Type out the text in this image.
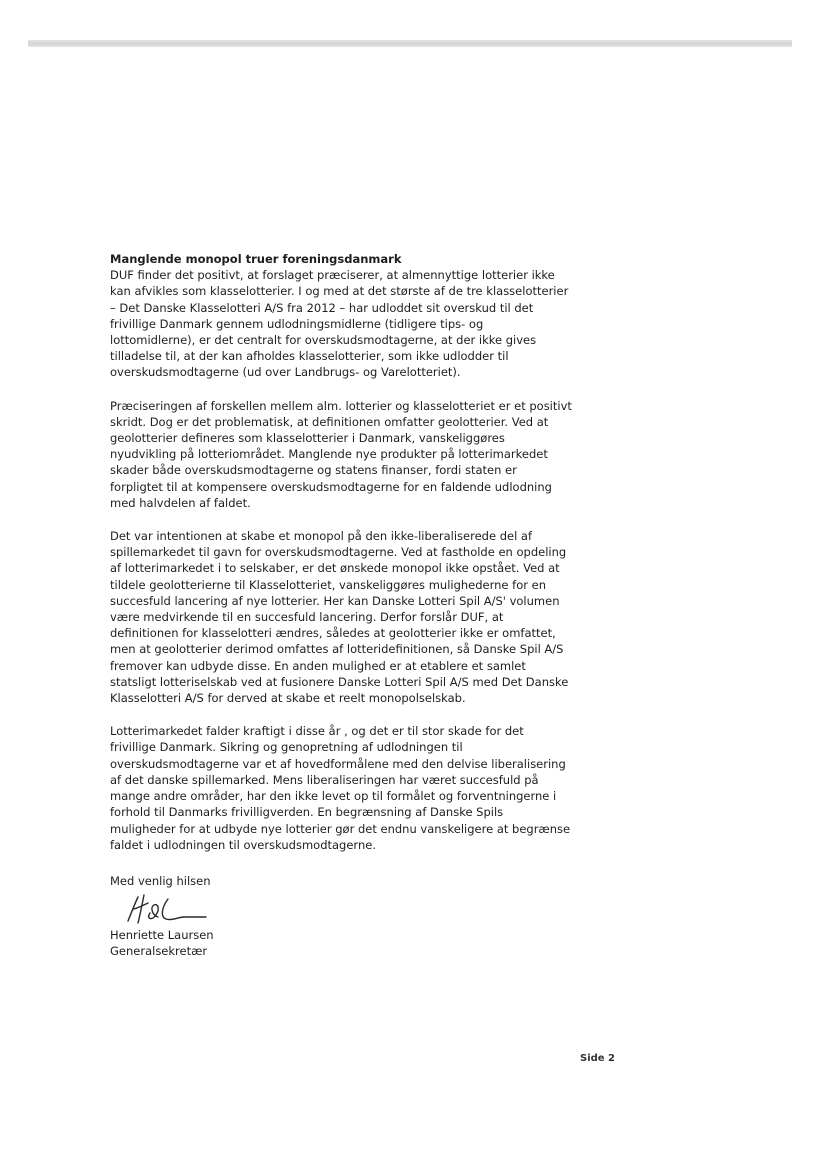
Manglende monopol truer foreningsdanmark

DUF finder det positivt, at forslaget præciserer, at almennyttige lotterier ikke kan afvikles som klasselotterier. I og med at det største af de tre klasselotterier – Det Danske Klasselotteri A/S fra 2012 – har udloddet sit overskud til det frivillige Danmark gennem udlodningsmidlerne (tidligere tips- og lottomidlerne), er det centralt for overskudsmodtagerne, at der ikke gives tilladelse til, at der kan afholdes klasselotterier, som ikke udlodder til overskudsmodtagerne (ud over Landbrugs- og Varelotteriet).

Præciseringen af forskellen mellem alm. lotterier og klasselotteriet er et positivt skridt. Dog er det problematisk, at definitionen omfatter geolotterier. Ved at geolotterier defineres som klasselotterier i Danmark, vanskeliggøres nyudvikling på lotteriområdet. Manglende nye produkter på lotterimarkedet skader både overskudsmodtagerne og statens finanser, fordi staten er forpligtet til at kompensere overskudsmodtagerne for en faldende udlodning med halvdelen af faldet.

Det var intentionen at skabe et monopol på den ikke-liberaliserede del af spillemarkedet til gavn for overskudsmodtagerne. Ved at fastholde en opdeling af lotterimarkedet i to selskaber, er det ønskede monopol ikke opstået. Ved at tildele geolotterierne til Klasselotteriet, vanskeliggøres mulighederne for en succesfuld lancering af nye lotterier. Her kan Danske Lotteri Spil A/S' volumen være medvirkende til en succesfuld lancering. Derfor forslår DUF, at definitionen for klasselotteri ændres, således at geolotterier ikke er omfattet, men at geolotterier derimod omfattes af lotteridefinitionen, så Danske Spil A/S fremover kan udbyde disse. En anden mulighed er at etablere et samlet statsligt lotteriselskab ved at fusionere Danske Lotteri Spil A/S med Det Danske Klasselotteri A/S for derved at skabe et reelt monopolselskab.

Lotterimarkedet falder kraftigt i disse år , og det er til stor skade for det frivillige Danmark. Sikring og genopretning af udlodningen til overskudsmodtagerne var et af hovedformålene med den delvise liberalisering af det danske spillemarked. Mens liberaliseringen har været succesfuld på mange andre områder, har den ikke levet op til formålet og forventningerne i forhold til Danmarks frivilligverden. En begrænsning af Danske Spils muligheder for at udbyde nye lotterier gør det endnu vanskeligere at begrænse faldet i udlodningen til overskudsmodtagerne.

Med venlig hilsen

Henriette Laursen

Generalsekretær

Side 2
